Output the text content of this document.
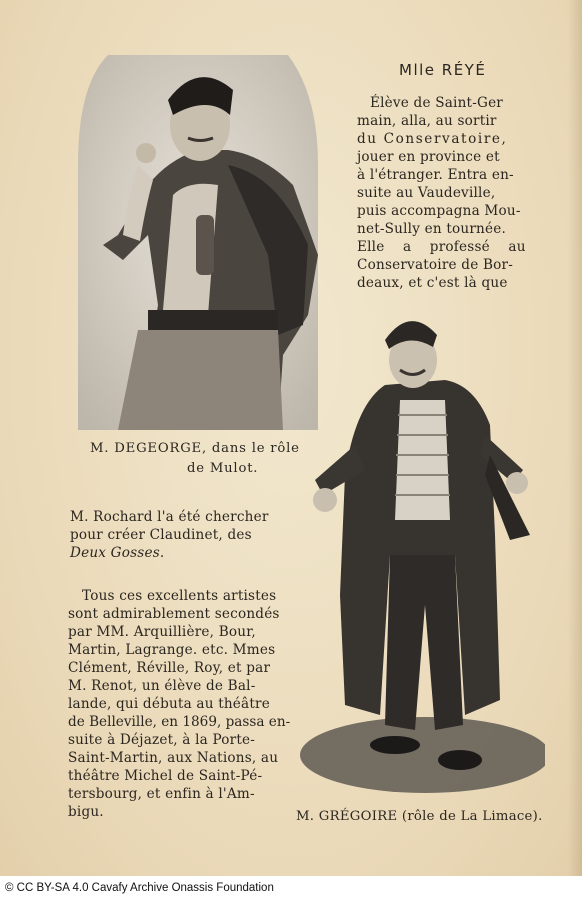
Mlle RÉYÉ
Élève de Saint-Ger
main, alla, au sortir
du Conservatoire,
jouer en province et
à l'étranger. Entra en-
suite au Vaudeville,
puis accompagna Mou-
net-Sully en tournée.
Elle a professé au
Conservatoire de Bor-
deaux, et c'est là que
M. DEGEORGE, dans le rôle
de Mulot.
M. Rochard l'a été chercher
pour créer Claudinet, des
Deux Gosses.
Tous ces excellents artistes
sont admirablement secondés
par MM. Arquillière, Bour,
Martin, Lagrange. etc. Mmes
Clément, Réville, Roy, et par
M. Renot, un élève de Bal-
lande, qui débuta au théâtre
de Belleville, en 1869, passa en-
suite à Déjazet, à la Porte-
Saint-Martin, aux Nations, au
théâtre Michel de Saint-Pé-
tersbourg, et enfin à l'Am-
bigu.	M. GRÉGOIRE (rôle de La Limace).
© CC BY-SA 4.0 Cavafy Archive Onassis Foundation
